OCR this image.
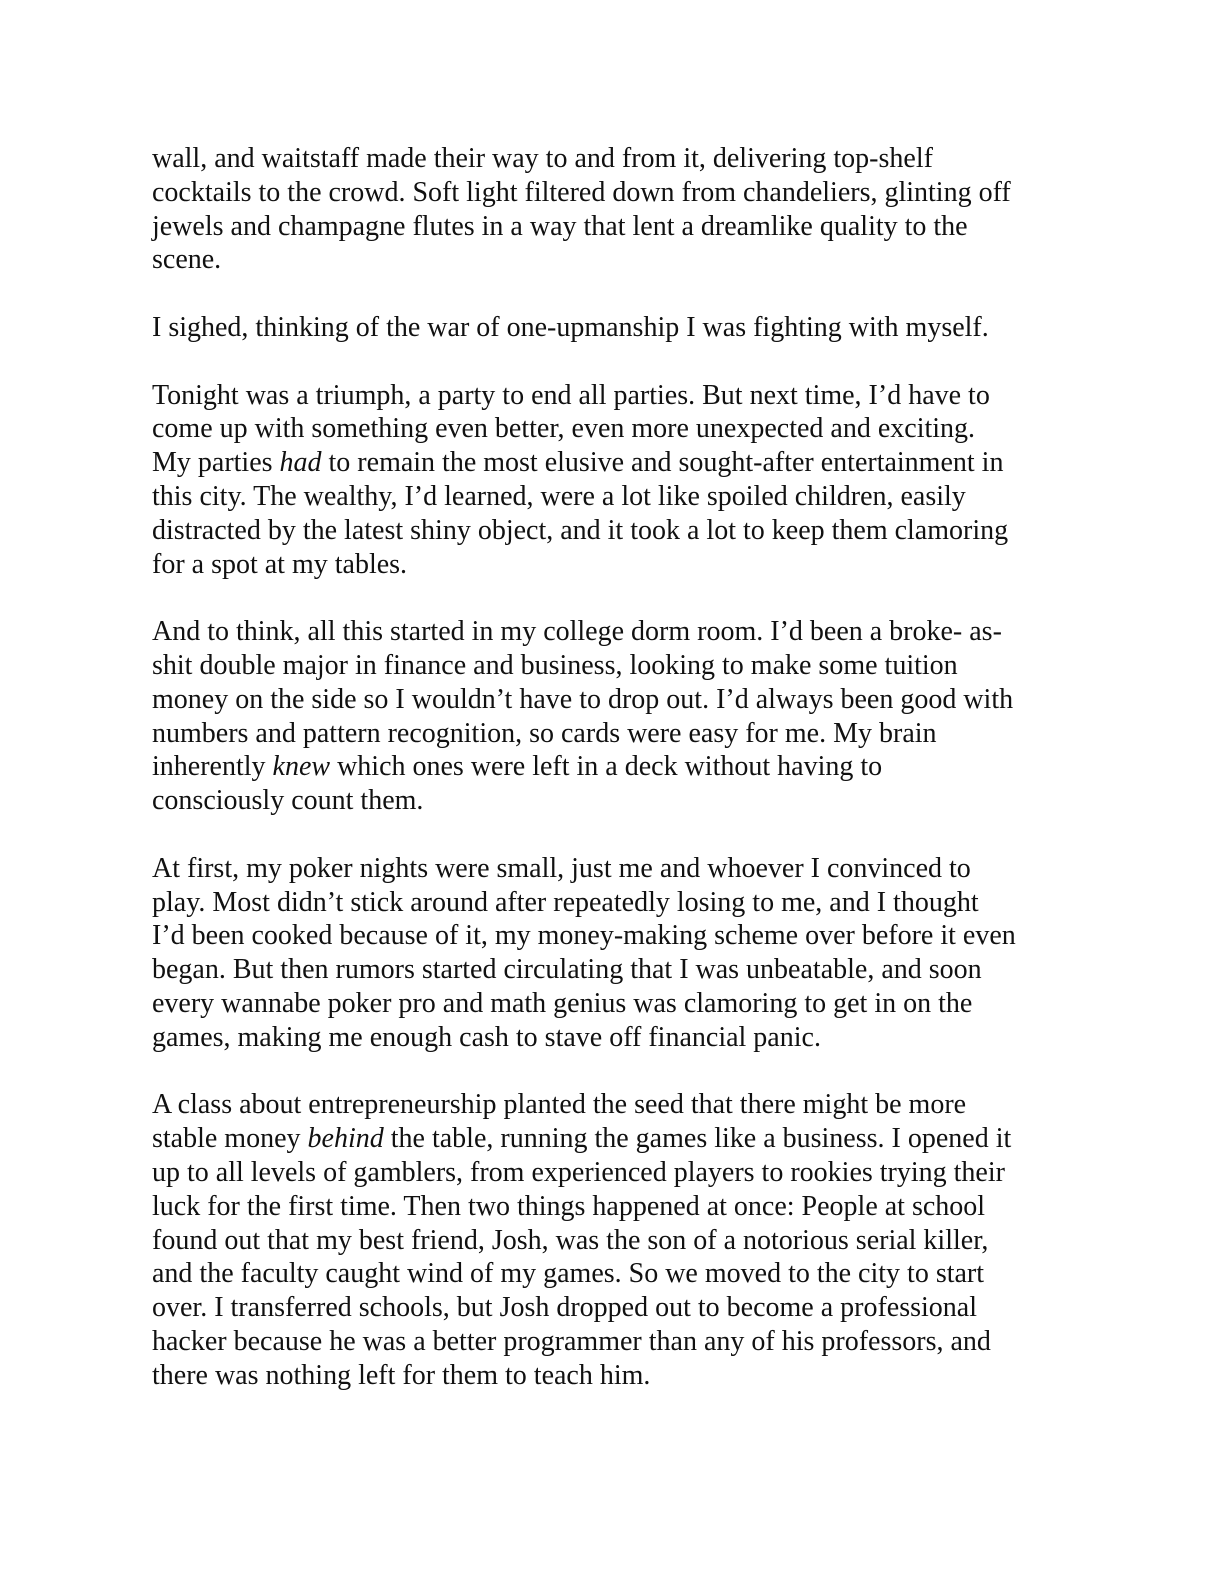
wall, and waitstaff made their way to and from it, delivering top-shelf
cocktails to the crowd. Soft light filtered down from chandeliers, glinting off
jewels and champagne flutes in a way that lent a dreamlike quality to the
scene.

I sighed, thinking of the war of one-upmanship I was fighting with myself.

Tonight was a triumph, a party to end all parties. But next time, I’d have to
come up with something even better, even more unexpected and exciting.
My parties had to remain the most elusive and sought-after entertainment in
this city. The wealthy, I’d learned, were a lot like spoiled children, easily
distracted by the latest shiny object, and it took a lot to keep them clamoring
for a spot at my tables.

And to think, all this started in my college dorm room. I’d been a broke- as-
shit double major in finance and business, looking to make some tuition
money on the side so I wouldn’t have to drop out. I’d always been good with
numbers and pattern recognition, so cards were easy for me. My brain
inherently knew which ones were left in a deck without having to
consciously count them.

At first, my poker nights were small, just me and whoever I convinced to
play. Most didn’t stick around after repeatedly losing to me, and I thought
I’d been cooked because of it, my money-making scheme over before it even
began. But then rumors started circulating that I was unbeatable, and soon
every wannabe poker pro and math genius was clamoring to get in on the
games, making me enough cash to stave off financial panic.

A class about entrepreneurship planted the seed that there might be more
stable money behind the table, running the games like a business. I opened it
up to all levels of gamblers, from experienced players to rookies trying their
luck for the first time. Then two things happened at once: People at school
found out that my best friend, Josh, was the son of a notorious serial killer,
and the faculty caught wind of my games. So we moved to the city to start
over. I transferred schools, but Josh dropped out to become a professional
hacker because he was a better programmer than any of his professors, and
there was nothing left for them to teach him.
